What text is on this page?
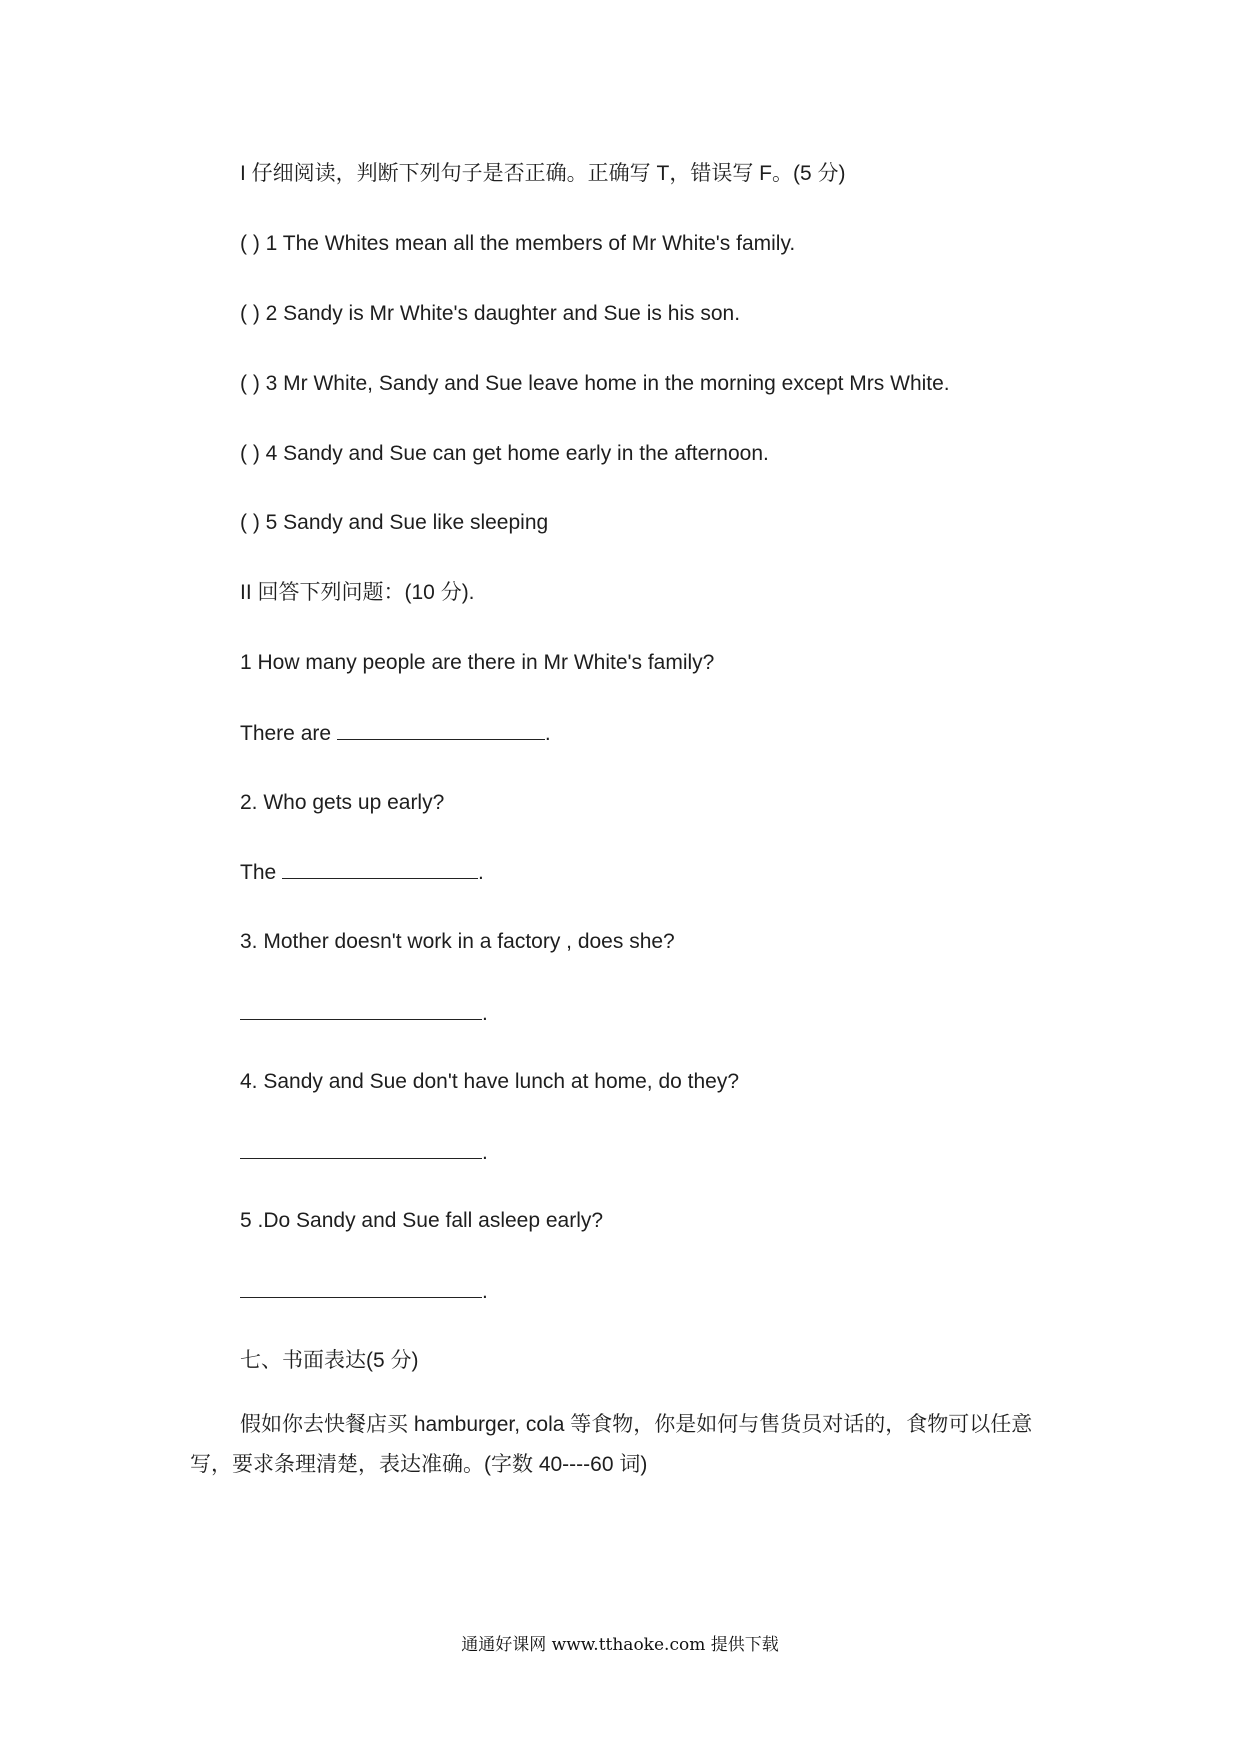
I 仔细阅读，判断下列句子是否正确。正确写 T，错误写 F。(5 分)
( ) 1 The Whites mean all the members of Mr White's family.
( ) 2 Sandy is Mr White's daughter and Sue is his son.
( ) 3 Mr White, Sandy and Sue leave home in the morning except Mrs White.
( ) 4 Sandy and Sue can get home early in the afternoon.
( ) 5 Sandy and Sue like sleeping
II 回答下列问题：(10 分).
1 How many people are there in Mr White's family?
There are	.
2. Who gets up early?
The	.
3. Mother doesn't work in a factory , does she?
.
4. Sandy and Sue don't have lunch at home, do they?
.
5 .Do Sandy and Sue fall asleep early?
.
七、书面表达(5 分)
假如你去快餐店买 hamburger, cola 等食物，你是如何与售货员对话的，食物可以任意写，要求条理清楚，表达准确。(字数 40----60 词)
通通好课网 www.tthaoke.com 提供下载
